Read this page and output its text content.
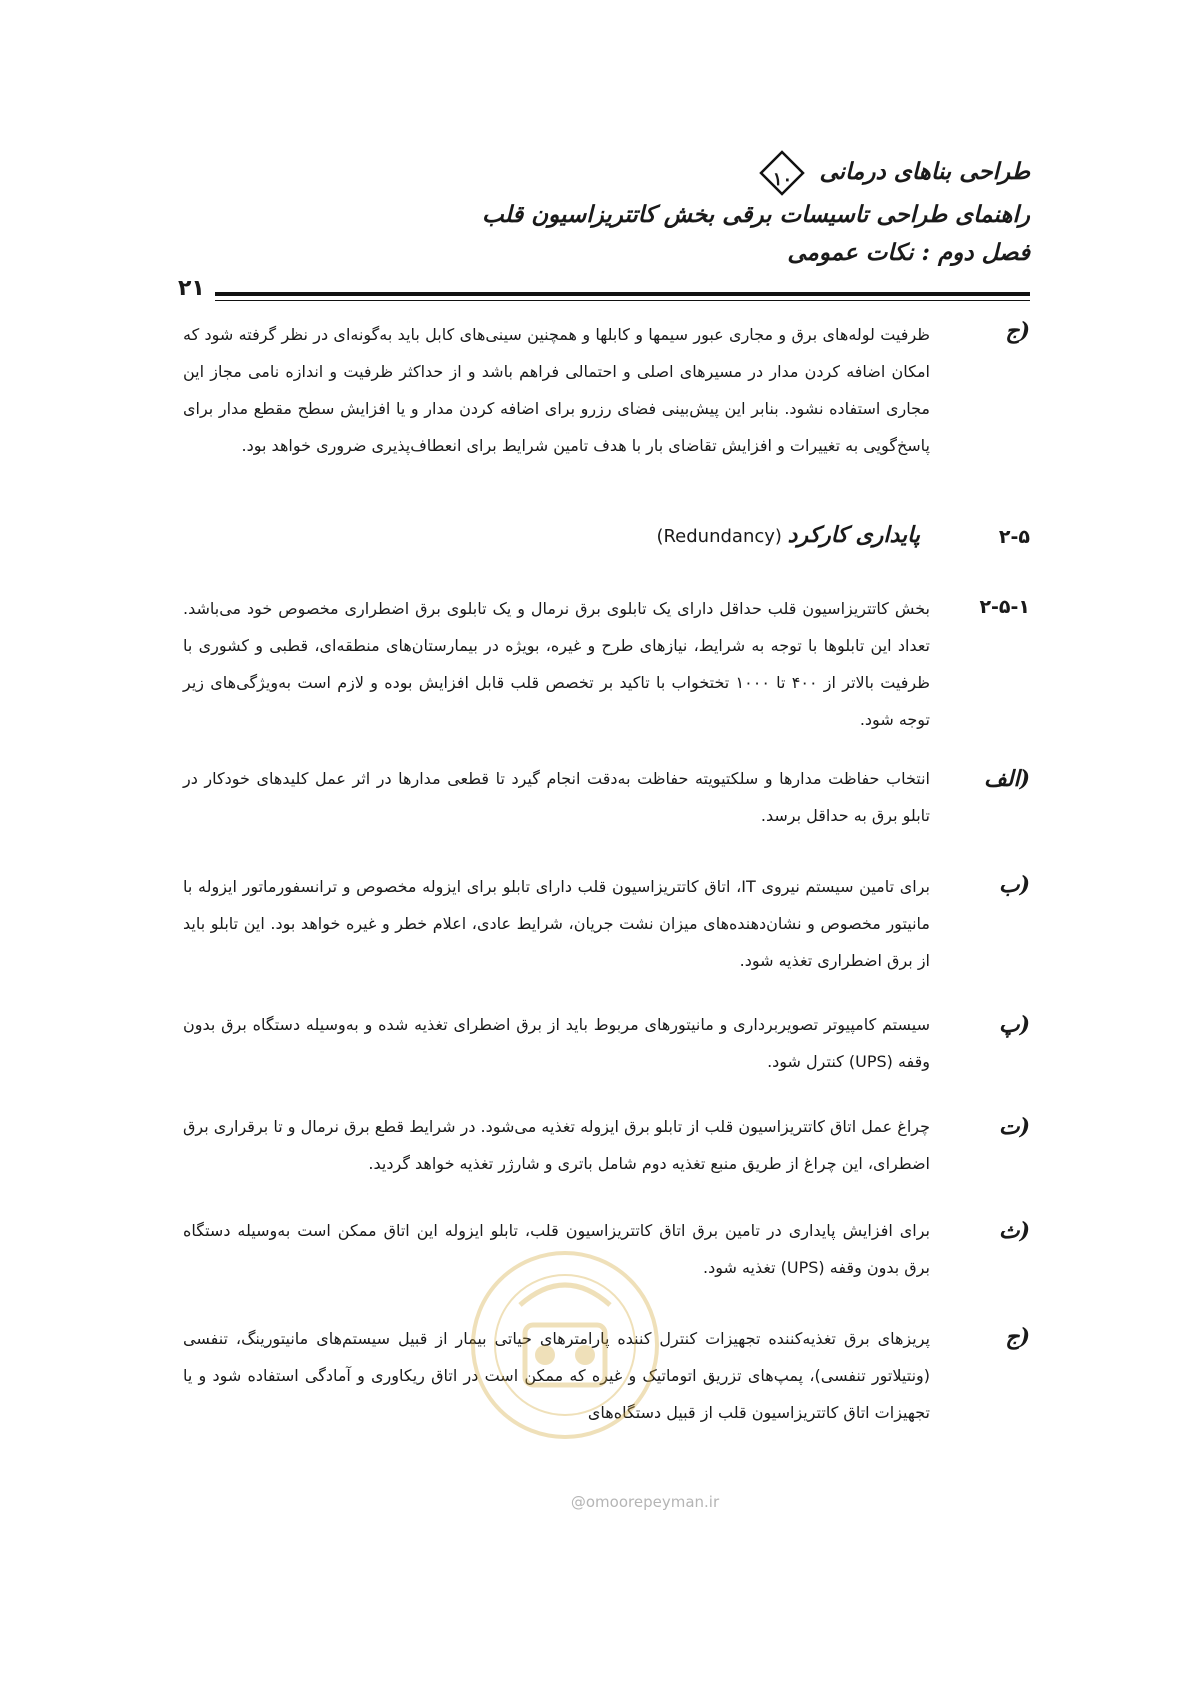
طراحی بناهای درمانی
۱۰
راهنمای طراحی تاسیسات برقی بخش کاتتریزاسیون قلب
فصل دوم : نکات عمومی
۲۱
ج)
ظرفیت لوله‌های برق و مجاری عبور سیمها و کابلها و همچنین سینی‌های کابل باید به‌گونه‌ای در نظر گرفته شود که امکان اضافه کردن مدار در مسیرهای اصلی و احتمالی فراهم باشد و از حداکثر ظرفیت و اندازه نامی مجاز این مجاری استفاده نشود. بنابر این پیش‌بینی فضای رزرو برای اضافه کردن مدار و یا افزایش سطح مقطع مدار برای پاسخ‌گویی به تغییرات و افزایش تقاضای بار با هدف تامین شرایط برای انعطاف‌پذیری ضروری خواهد بود.
۲-۵
پایداری کارکرد (Redundancy)
۲-۵-۱
بخش کاتتریزاسیون قلب حداقل دارای یک تابلوی برق نرمال و یک تابلوی برق اضطراری مخصوص خود می‌باشد. تعداد این تابلوها با توجه به شرایط، نیازهای طرح و غیره، بویژه در بیمارستان‌های منطقه‌ای، قطبی و کشوری با ظرفیت بالاتر از ۴۰۰ تا ۱۰۰۰ تختخواب با تاکید بر تخصص قلب قابل افزایش بوده و لازم است به‌ویژگی‌های زیر توجه شود.
الف)
انتخاب حفاظت مدارها و سلکتیویته حفاظت به‌دقت انجام گیرد تا قطعی مدارها در اثر عمل کلیدهای خودکار در تابلو برق به حداقل برسد.
ب)
برای تامین سیستم نیروی IT، اتاق کاتتریزاسیون قلب دارای تابلو برای ایزوله مخصوص و ترانسفورماتور ایزوله با مانیتور مخصوص و نشان‌دهنده‌های میزان نشت جریان، شرایط عادی، اعلام خطر و غیره خواهد بود. این تابلو باید از برق اضطراری تغذیه شود.
پ)
سیستم کامپیوتر تصویربرداری و مانیتورهای مربوط باید از برق اضطرای تغذیه شده و به‌وسیله دستگاه برق بدون وقفه (UPS) کنترل شود.
ت)
چراغ عمل اتاق کاتتریزاسیون قلب از تابلو برق ایزوله تغذیه می‌شود. در شرایط قطع برق نرمال و تا برقراری برق اضطرای، این چراغ از طریق منبع تغذیه دوم شامل باتری و شارژر تغذیه خواهد گردید.
ث)
برای افزایش پایداری در تامین برق اتاق کاتتریزاسیون قلب، تابلو ایزوله این اتاق ممکن است به‌وسیله دستگاه برق بدون وقفه (UPS) تغذیه شود.
ج)
پریزهای برق تغذیه‌کننده تجهیزات کنترل کننده پارامترهای حیاتی بیمار از قبیل سیستم‌های مانیتورینگ، تنفسی (ونتیلاتور تنفسی)، پمپ‌های تزریق اتوماتیک و غیره که ممکن است در اتاق ریکاوری و آمادگی استفاده شود و یا تجهیزات اتاق کاتتریزاسیون قلب از قبیل دستگاه‌های
@omoorepeyman.ir
